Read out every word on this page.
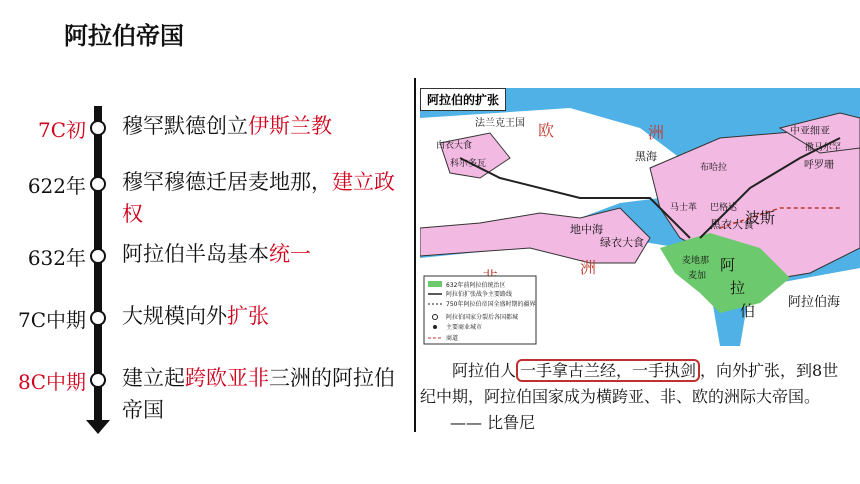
阿拉伯帝国
7C初 穆罕默德创立伊斯兰教
622年 穆罕穆德迁居麦地那，建立政权
632年 阿拉伯半岛基本统一
7C中期 大规模向外扩张
8C中期 建立起跨欧亚非三洲的阿拉伯帝国
欧	洲
洲
波斯
阿
拉
伯	阿拉伯海
法兰克王国
中亚细亚
呼罗珊
撒马尔罕
布哈拉
巴格达
马士革
麦地那
麦加
黑海
地中海
白衣大食
科尔多瓦
绿衣大食
黑衣大食
632年前阿拉伯统治区
阿拉伯扩张战争主要路线
750年阿拉伯帝国全盛时期的疆界
阿拉伯国家分裂后各国都城
主要商业城市
商道
阿拉伯的扩张
  阿拉伯人 一手拿古兰经，一手执剑 ，向外扩张，到8世纪中期，阿拉伯国家成为横跨亚、非、欧的洲际大帝国。—— 比鲁尼
